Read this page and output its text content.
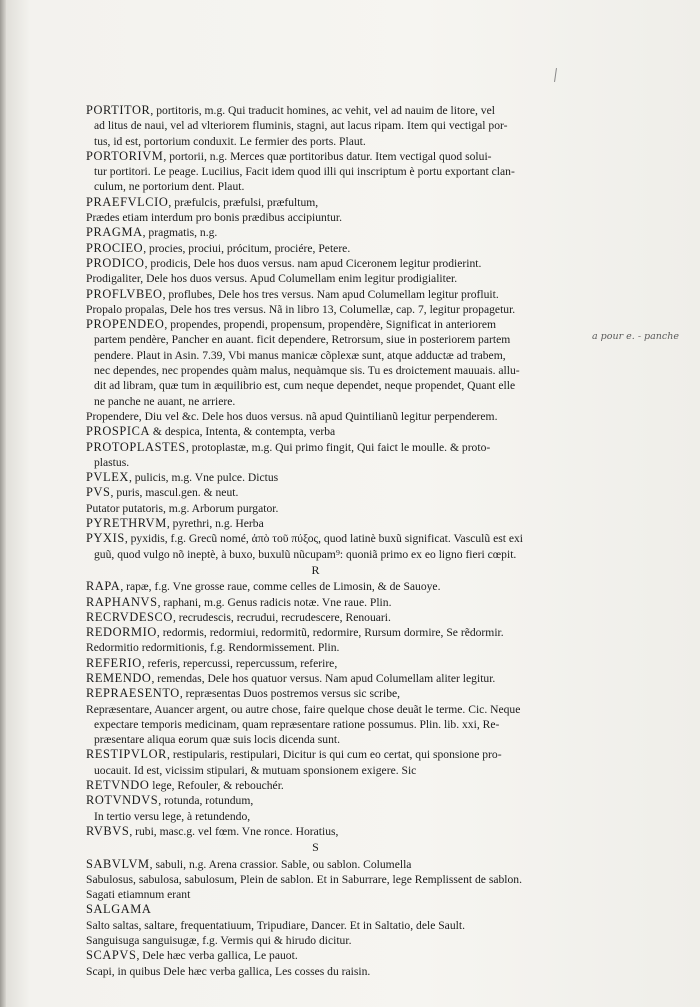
a pour e. - panche
PORTITOR, portitoris, m.g. Qui traducit homines, ac vehit, vel ad nauim de litore, vel
ad litus de naui, vel ad vlteriorem fluminis, stagni, aut lacus ripam. Item qui vectigal por-
tus, id est, portorium conduxit. Le fermier des ports. Plaut.
PORTORIVM, portorii, n.g. Merces quæ portitoribus datur. Item vectigal quod solui-
tur portitori. Le peage. Lucilius, Facit idem quod illi qui inscriptum è portu exportant clan-
culum, ne portorium dent. Plaut.
PRAEFVLCIO, præfulcis, præfulsi, præfultum,
Prædes etiam interdum pro bonis prædibus accipiuntur.
PRAGMA, pragmatis, n.g.
PROCIEO, procies, prociui, prócitum, prociére, Petere.
PRODICO, prodicis, Dele hos duos versus. nam apud Ciceronem legitur prodierint.
Prodigaliter, Dele hos duos versus. Apud Columellam enim legitur prodigialiter.
PROFLVBEO, proflubes, Dele hos tres versus. Nam apud Columellam legitur profluit.
Propalo propalas, Dele hos tres versus. Nã in libro 13, Columellæ, cap. 7, legitur propagetur.
PROPENDEO, propendes, propendi, propensum, propendère, Significat in anteriorem
partem pendère, Pancher en auant. ficit dependere, Retrorsum, siue in posteriorem partem
pendere. Plaut in Asin. 7.39, Vbi manus manicæ cõplexæ sunt, atque adductæ ad trabem,
nec dependes, nec propendes quàm malus, nequàmque sis. Tu es droictement mauuais. allu-
dit ad libram, quæ tum in æquilibrio est, cum neque dependet, neque propendet, Quant elle
ne panche ne auant, ne arriere.
Propendere, Diu vel &c. Dele hos duos versus. nã apud Quintilianũ legitur perpenderem.
PROSPICA & despica, Intenta, & contempta, verba
PROTOPLASTES, protoplastæ, m.g. Qui primo fingit, Qui faict le moulle. & proto-
plastus.
PVLEX, pulicis, m.g. Vne pulce. Dictus
PVS, puris, mascul.gen. & neut.
Putator putatoris, m.g. Arborum purgator.
PYRETHRVM, pyrethri, n.g. Herba
PYXIS, pyxidis, f.g. Grecũ nomé, ἀπὸ τοῦ πύξος, quod latinè buxũ significat. Vasculũ est exi
guũ, quod vulgo nõ ineptè, à buxo, buxulũ nũcupam⁹: quoniã primo ex eo ligno fieri cœpit.
R
RAPA, rapæ, f.g. Vne grosse raue, comme celles de Limosin, & de Sauoye.
RAPHANVS, raphani, m.g. Genus radicis notæ. Vne raue. Plin.
RECRVDESCO, recrudescis, recrudui, recrudescere, Renouari.
REDORMIO, redormis, redormiui, redormitũ, redormire, Rursum dormire, Se rẽdormir.
Redormitio redormitionis, f.g. Rendormissement. Plin.
REFERIO, referis, repercussi, repercussum, referire,
REMENDO, remendas, Dele hos quatuor versus. Nam apud Columellam aliter legitur.
REPRAESENTO, repræsentas Duos postremos versus sic scribe,
Repræsentare, Auancer argent, ou autre chose, faire quelque chose deuãt le terme. Cic. Neque
expectare temporis medicinam, quam repræsentare ratione possumus. Plin. lib. xxi, Re-
præsentare aliqua eorum quæ suis locis dicenda sunt.
RESTIPVLOR, restipularis, restipulari, Dicitur is qui cum eo certat, qui sponsione pro-
uocauit. Id est, vicissim stipulari, & mutuam sponsionem exigere. Sic
RETVNDO lege, Refouler, & rebouchér.
ROTVNDVS, rotunda, rotundum,
In tertio versu lege, à retundendo,
RVBVS, rubi, masc.g. vel fœm. Vne ronce. Horatius,
S
SABVLVM, sabuli, n.g. Arena crassior. Sable, ou sablon. Columella
Sabulosus, sabulosa, sabulosum, Plein de sablon. Et in Saburrare, lege Remplissent de sablon.
Sagati etiamnum erant
SALGAMA
Salto saltas, saltare, frequentatiuum, Tripudiare, Dancer. Et in Saltatio, dele Sault.
Sanguisuga sanguisugæ, f.g. Vermis qui & hirudo dicitur.
SCAPVS, Dele hæc verba gallica, Le pauot.
Scapi, in quibus Dele hæc verba gallica, Les cosses du raisin.
